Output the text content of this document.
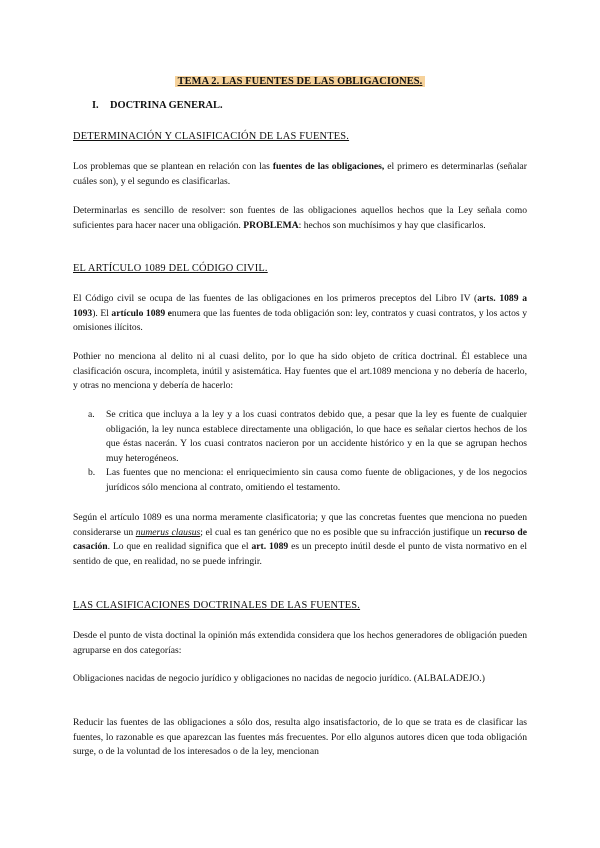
TEMA 2. LAS FUENTES DE LAS OBLIGACIONES.
I. DOCTRINA GENERAL.
DETERMINACIÓN Y CLASIFICACIÓN DE LAS FUENTES.
Los problemas que se plantean en relación con las fuentes de las obligaciones, el primero es determinarlas (señalar cuáles son), y el segundo es clasificarlas.
Determinarlas es sencillo de resolver: son fuentes de las obligaciones aquellos hechos que la Ley señala como suficientes para hacer nacer una obligación. PROBLEMA: hechos son muchísimos y hay que clasificarlos.
EL ARTÍCULO 1089 DEL CÓDIGO CIVIL.
El Código civil se ocupa de las fuentes de las obligaciones en los primeros preceptos del Libro IV (arts. 1089 a 1093). El artículo 1089 enumera que las fuentes de toda obligación son: ley, contratos y cuasi contratos, y los actos y omisiones ilícitos.
Pothier no menciona al delito ni al cuasi delito, por lo que ha sido objeto de crítica doctrinal. Él establece una clasificación oscura, incompleta, inútil y asistemática. Hay fuentes que el art.1089 menciona y no debería de hacerlo, y otras no menciona y debería de hacerlo:
a. Se critica que incluya a la ley y a los cuasi contratos debido que, a pesar que la ley es fuente de cualquier obligación, la ley nunca establece directamente una obligación, lo que hace es señalar ciertos hechos de los que éstas nacerán. Y los cuasi contratos nacieron por un accidente histórico y en la que se agrupan hechos muy heterogéneos.
b. Las fuentes que no menciona: el enriquecimiento sin causa como fuente de obligaciones, y de los negocios jurídicos sólo menciona al contrato, omitiendo el testamento.
Según el artículo 1089 es una norma meramente clasificatoria; y que las concretas fuentes que menciona no pueden considerarse un numerus clausus; el cual es tan genérico que no es posible que su infracción justifique un recurso de casación. Lo que en realidad significa que el art. 1089 es un precepto inútil desde el punto de vista normativo en el sentido de que, en realidad, no se puede infringir.
LAS CLASIFICACIONES DOCTRINALES DE LAS FUENTES.
Desde el punto de vista doctinal la opinión más extendida considera que los hechos generadores de obligación pueden agruparse en dos categorías:
Obligaciones nacidas de negocio jurídico y obligaciones no nacidas de negocio jurídico. (ALBALADEJO.)
Reducir las fuentes de las obligaciones a sólo dos, resulta algo insatisfactorio, de lo que se trata es de clasificar las fuentes, lo razonable es que aparezcan las fuentes más frecuentes. Por ello algunos autores dicen que toda obligación surge, o de la voluntad de los interesados o de la ley, mencionan
